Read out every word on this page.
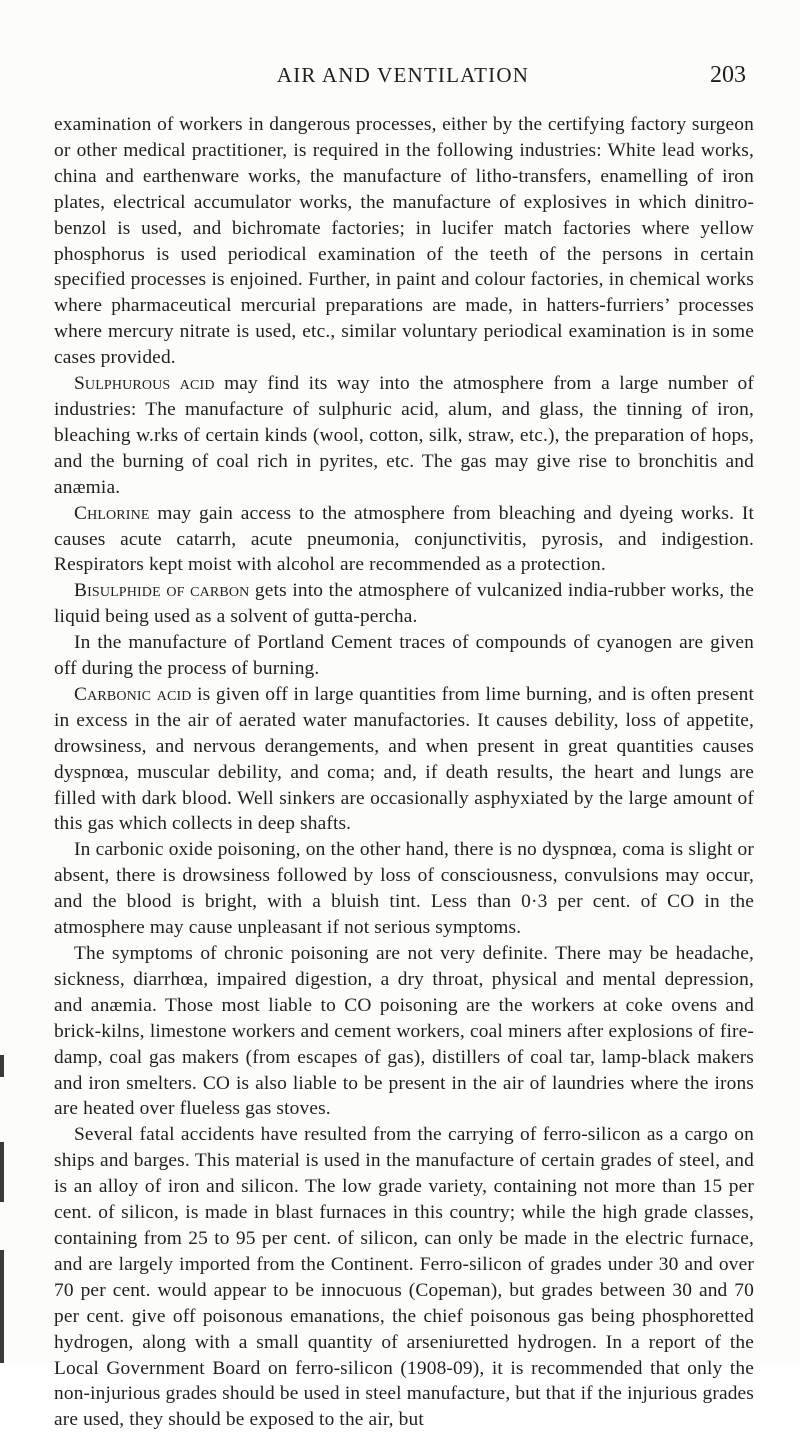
AIR AND VENTILATION	203

examination of workers in dangerous processes, either by the certifying factory surgeon or other medical practitioner, is required in the following industries: White lead works, china and earthenware works, the manufacture of litho-transfers, enamelling of iron plates, electrical accumulator works, the manufacture of explosives in which dinitro-benzol is used, and bichromate factories; in lucifer match factories where yellow phosphorus is used periodical examination of the teeth of the persons in certain specified processes is enjoined. Further, in paint and colour factories, in chemical works where pharmaceutical mercurial preparations are made, in hatters-furriers’ processes where mercury nitrate is used, etc., similar voluntary periodical examination is in some cases provided.

Sulphurous acid may find its way into the atmosphere from a large number of industries: The manufacture of sulphuric acid, alum, and glass, the tinning of iron, bleaching w.rks of certain kinds (wool, cotton, silk, straw, etc.), the preparation of hops, and the burning of coal rich in pyrites, etc. The gas may give rise to bronchitis and anæmia.

Chlorine may gain access to the atmosphere from bleaching and dyeing works. It causes acute catarrh, acute pneumonia, conjunctivitis, pyrosis, and indigestion. Respirators kept moist with alcohol are recommended as a protection.

Bisulphide of carbon gets into the atmosphere of vulcanized india-rubber works, the liquid being used as a solvent of gutta-percha.

In the manufacture of Portland Cement traces of compounds of cyanogen are given off during the process of burning.

Carbonic acid is given off in large quantities from lime burning, and is often present in excess in the air of aerated water manufactories. It causes debility, loss of appetite, drowsiness, and nervous derangements, and when present in great quantities causes dyspnœa, muscular debility, and coma; and, if death results, the heart and lungs are filled with dark blood. Well sinkers are occasionally asphyxiated by the large amount of this gas which collects in deep shafts.

In carbonic oxide poisoning, on the other hand, there is no dyspnœa, coma is slight or absent, there is drowsiness followed by loss of consciousness, convulsions may occur, and the blood is bright, with a bluish tint. Less than 0·3 per cent. of CO in the atmosphere may cause unpleasant if not serious symptoms.

The symptoms of chronic poisoning are not very definite. There may be headache, sickness, diarrhœa, impaired digestion, a dry throat, physical and mental depression, and anæmia. Those most liable to CO poisoning are the workers at coke ovens and brick-kilns, limestone workers and cement workers, coal miners after explosions of fire-damp, coal gas makers (from escapes of gas), distillers of coal tar, lamp-black makers and iron smelters. CO is also liable to be present in the air of laundries where the irons are heated over flueless gas stoves.

Several fatal accidents have resulted from the carrying of ferro-silicon as a cargo on ships and barges. This material is used in the manufacture of certain grades of steel, and is an alloy of iron and silicon. The low grade variety, containing not more than 15 per cent. of silicon, is made in blast furnaces in this country; while the high grade classes, containing from 25 to 95 per cent. of silicon, can only be made in the electric furnace, and are largely imported from the Continent. Ferro-silicon of grades under 30 and over 70 per cent. would appear to be innocuous (Copeman), but grades between 30 and 70 per cent. give off poisonous emanations, the chief poisonous gas being phosphoretted hydrogen, along with a small quantity of arseniuretted hydrogen. In a report of the Local Government Board on ferro-silicon (1908-09), it is recommended that only the non-injurious grades should be used in steel manufacture, but that if the injurious grades are used, they should be exposed to the air, but
